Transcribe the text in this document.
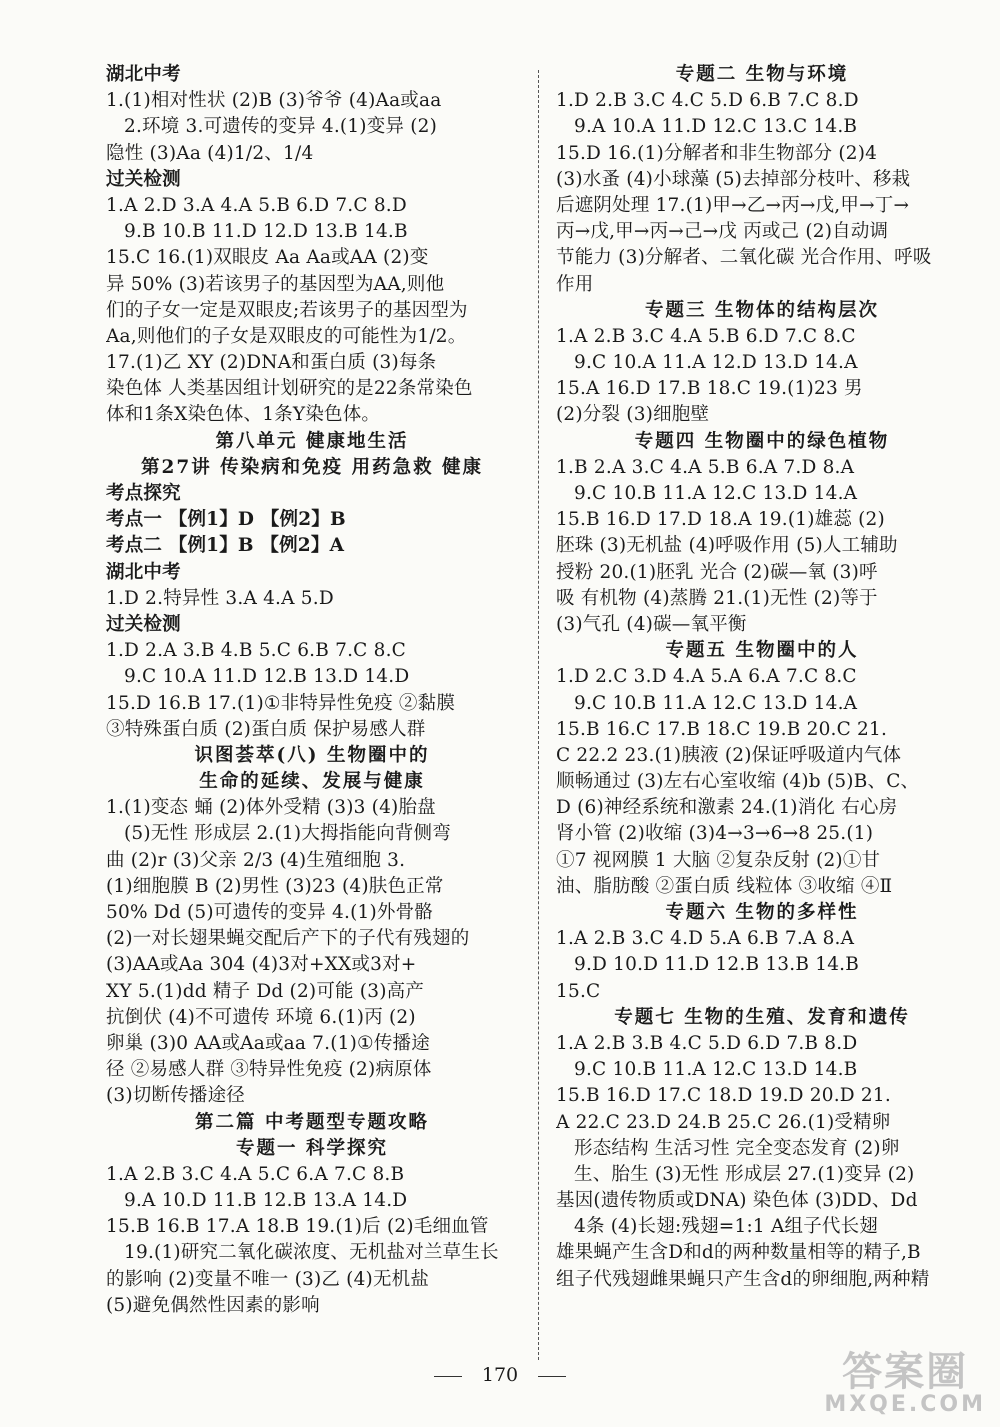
湖北中考
1.(1)相对性状 (2)B (3)爷爷 (4)Aa或aa
2.环境 3.可遗传的变异 4.(1)变异 (2)
隐性 (3)Aa (4)1/2、1/4
过关检测
1.A 2.D 3.A 4.A 5.B 6.D 7.C 8.D
9.B 10.B 11.D 12.D 13.B 14.B
15.C 16.(1)双眼皮 Aa Aa或AA (2)变
异 50% (3)若该男子的基因型为AA,则他
们的子女一定是双眼皮;若该男子的基因型为
Aa,则他们的子女是双眼皮的可能性为1/2。
17.(1)乙 XY (2)DNA和蛋白质 (3)每条
染色体 人类基因组计划研究的是22条常染色
体和1条X染色体、1条Y染色体。
第八单元 健康地生活
第27讲 传染病和免疫 用药急救 健康
考点探究
考点一 【例1】D 【例2】B
考点二 【例1】B 【例2】A
湖北中考
1.D 2.特异性 3.A 4.A 5.D
过关检测
1.D 2.A 3.B 4.B 5.C 6.B 7.C 8.C
9.C 10.A 11.D 12.B 13.D 14.D
15.D 16.B 17.(1)①非特异性免疫 ②黏膜
③特殊蛋白质 (2)蛋白质 保护易感人群
识图荟萃(八) 生物圈中的
生命的延续、发展与健康
1.(1)变态 蛹 (2)体外受精 (3)3 (4)胎盘
(5)无性 形成层 2.(1)大拇指能向背侧弯
曲 (2)r (3)父亲 2/3 (4)生殖细胞 3.
(1)细胞膜 B (2)男性 (3)23 (4)肤色正常
50% Dd (5)可遗传的变异 4.(1)外骨骼
(2)一对长翅果蝇交配后产下的子代有残翅的
(3)AA或Aa 304 (4)3对+XX或3对+
XY 5.(1)dd 精子 Dd (2)可能 (3)高产
抗倒伏 (4)不可遗传 环境 6.(1)丙 (2)
卵巢 (3)0 AA或Aa或aa 7.(1)①传播途
径 ②易感人群 ③特异性免疫 (2)病原体
(3)切断传播途径
第二篇 中考题型专题攻略
专题一 科学探究
1.A 2.B 3.C 4.A 5.C 6.A 7.C 8.B
9.A 10.D 11.B 12.B 13.A 14.D
15.B 16.B 17.A 18.B 19.(1)后 (2)毛细血管
19.(1)研究二氧化碳浓度、无机盐对兰草生长
的影响 (2)变量不唯一 (3)乙 (4)无机盐
(5)避免偶然性因素的影响
专题二 生物与环境
1.D 2.B 3.C 4.C 5.D 6.B 7.C 8.D
9.A 10.A 11.D 12.C 13.C 14.B
15.D 16.(1)分解者和非生物部分 (2)4
(3)水蚤 (4)小球藻 (5)去掉部分枝叶、移栽
后遮阴处理 17.(1)甲→乙→丙→戊,甲→丁→
丙→戊,甲→丙→己→戊 丙或己 (2)自动调
节能力 (3)分解者、二氧化碳 光合作用、呼吸
作用
专题三 生物体的结构层次
1.A 2.B 3.C 4.A 5.B 6.D 7.C 8.C
9.C 10.A 11.A 12.D 13.D 14.A
15.A 16.D 17.B 18.C 19.(1)23 男
(2)分裂 (3)细胞壁
专题四 生物圈中的绿色植物
1.B 2.A 3.C 4.A 5.B 6.A 7.D 8.A
9.C 10.B 11.A 12.C 13.D 14.A
15.B 16.D 17.D 18.A 19.(1)雄蕊 (2)
胚珠 (3)无机盐 (4)呼吸作用 (5)人工辅助
授粉 20.(1)胚乳 光合 (2)碳—氧 (3)呼
吸 有机物 (4)蒸腾 21.(1)无性 (2)等于
(3)气孔 (4)碳—氧平衡
专题五 生物圈中的人
1.D 2.C 3.D 4.A 5.A 6.A 7.C 8.C
9.C 10.B 11.A 12.C 13.D 14.A
15.B 16.C 17.B 18.C 19.B 20.C 21.
C 22.2 23.(1)胰液 (2)保证呼吸道内气体
顺畅通过 (3)左右心室收缩 (4)b (5)B、C、
D (6)神经系统和激素 24.(1)消化 右心房
肾小管 (2)收缩 (3)4→3→6→8 25.(1)
①7 视网膜 1 大脑 ②复杂反射 (2)①甘
油、脂肪酸 ②蛋白质 线粒体 ③收缩 ④Ⅱ
专题六 生物的多样性
1.A 2.B 3.C 4.D 5.A 6.B 7.A 8.A
9.D 10.D 11.D 12.B 13.B 14.B
15.C
专题七 生物的生殖、发育和遗传
1.A 2.B 3.B 4.C 5.D 6.D 7.B 8.D
9.C 10.B 11.A 12.C 13.D 14.B
15.B 16.D 17.C 18.D 19.D 20.D 21.
A 22.C 23.D 24.B 25.C 26.(1)受精卵
形态结构 生活习性 完全变态发育 (2)卵
生、胎生 (3)无性 形成层 27.(1)变异 (2)
基因(遗传物质或DNA) 染色体 (3)DD、Dd
4条 (4)长翅:残翅=1:1 A组子代长翅
雄果蝇产生含D和d的两种数量相等的精子,B
组子代残翅雌果蝇只产生含d的卵细胞,两种精
170	答案圈
MXQE.COM
